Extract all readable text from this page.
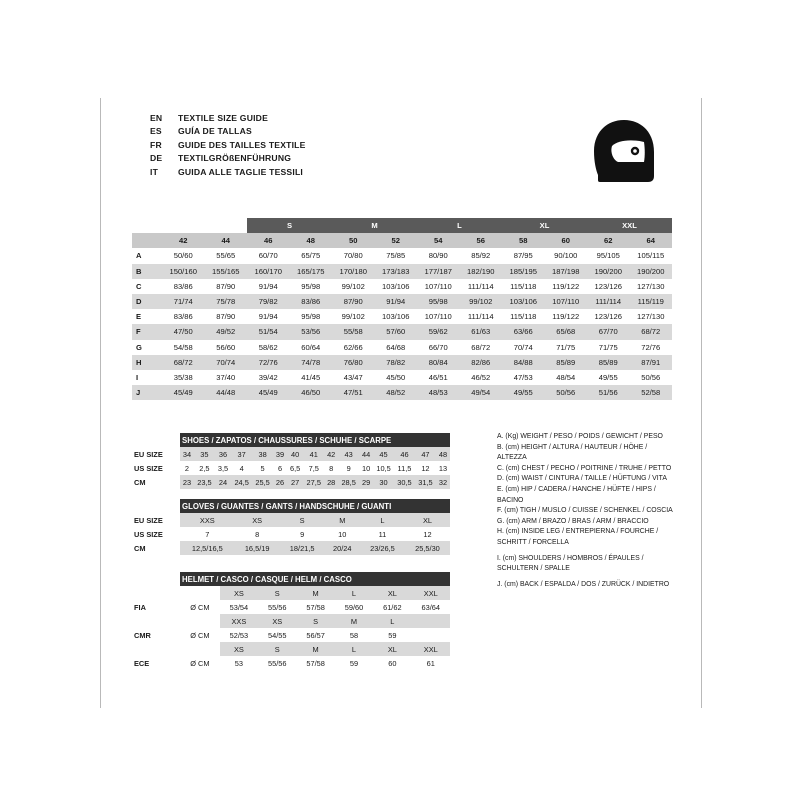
EN	TEXTILE SIZE GUIDE
ES	GUÍA DE TALLAS
FR	GUIDE DES TAILLES TEXTILE
DE	TEXTILGRÖßENFÜHRUNG
IT	GUIDA ALLE TAGLIE TESSILI
			S		M		L		XL		XXL		
	42	44	46	48	50	52	54	56	58	60	62	64	
A	50/60	55/65	60/70	65/75	70/80	75/85	80/90	85/92	87/95	90/100	95/105	105/115	
B	150/160	155/165	160/170	165/175	170/180	173/183	177/187	182/190	185/195	187/198	190/200	190/200	
C	83/86	87/90	91/94	95/98	99/102	103/106	107/110	111/114	115/118	119/122	123/126	127/130	
D	71/74	75/78	79/82	83/86	87/90	91/94	95/98	99/102	103/106	107/110	111/114	115/119	
E	83/86	87/90	91/94	95/98	99/102	103/106	107/110	111/114	115/118	119/122	123/126	127/130	
F	47/50	49/52	51/54	53/56	55/58	57/60	59/62	61/63	63/66	65/68	67/70	68/72	
G	54/58	56/60	58/62	60/64	62/66	64/68	66/70	68/72	70/74	71/75	71/75	72/76	
H	68/72	70/74	72/76	74/78	76/80	78/82	80/84	82/86	84/88	85/89	85/89	87/91	
I	35/38	37/40	39/42	41/45	43/47	45/50	46/51	46/52	47/53	48/54	49/55	50/56	
J	45/49	44/48	45/49	46/50	47/51	48/52	48/53	49/54	49/55	50/56	51/56	52/58	
	SHOES / ZAPATOS / CHAUSSURES / SCHUHE / SCARPE														
EU SIZE	34	35	36	37	38	39	40	41	42	43	44	45	46	47	48
US SIZE	2	2,5	3,5	4	5	6	6,5	7,5	8	9	10	10,5	11,5	12	13
CM	23	23,5	24	24,5	25,5	26	27	27,5	28	28,5	29	30	30,5	31,5	32
	GLOVES / GUANTES / GANTS / HANDSCHUHE / GUANTI					
EU SIZE	XXS	XS	S	M	L	XL
US SIZE	7	8	9	10	11	12
CM	12,5/16,5	16,5/19	18/21,5	20/24	23/26,5	25,5/30
	HELMET / CASCO / CASQUE / HELM / CASCO						
		XS	S	M	L	XL	XXL
FIA	Ø CM	53/54	55/56	57/58	59/60	61/62	63/64
		XXS	XS	S	M	L	
CMR	Ø CM	52/53	54/55	56/57	58	59	
		XS	S	M	L	XL	XXL
ECE	Ø CM	53	55/56	57/58	59	60	61
A. (Kg) WEIGHT / PESO / POIDS / GEWICHT / PESO
B. (cm) HEIGHT / ALTURA / HAUTEUR / HÖHE / ALTEZZA
C. (cm) CHEST / PECHO / POITRINE / TRUHE / PETTO
D. (cm) WAIST / CINTURA / TAILLE / HÜFTUNG / VITA
E. (cm) HIP / CADERA / HANCHE / HÜFTE / HIPS / BACINO
F. (cm) TIGH / MUSLO / CUISSE / SCHENKEL / COSCIA
G. (cm) ARM / BRAZO / BRAS / ARM / BRACCIO
H. (cm) INSIDE LEG / ENTREPIERNA / FOURCHE /
SCHRITT / FORCELLA
I. (cm) SHOULDERS / HOMBROS / ÉPAULES /
SCHULTERN / SPALLE
J. (cm) BACK / ESPALDA / DOS / ZURÜCK / INDIETRO
